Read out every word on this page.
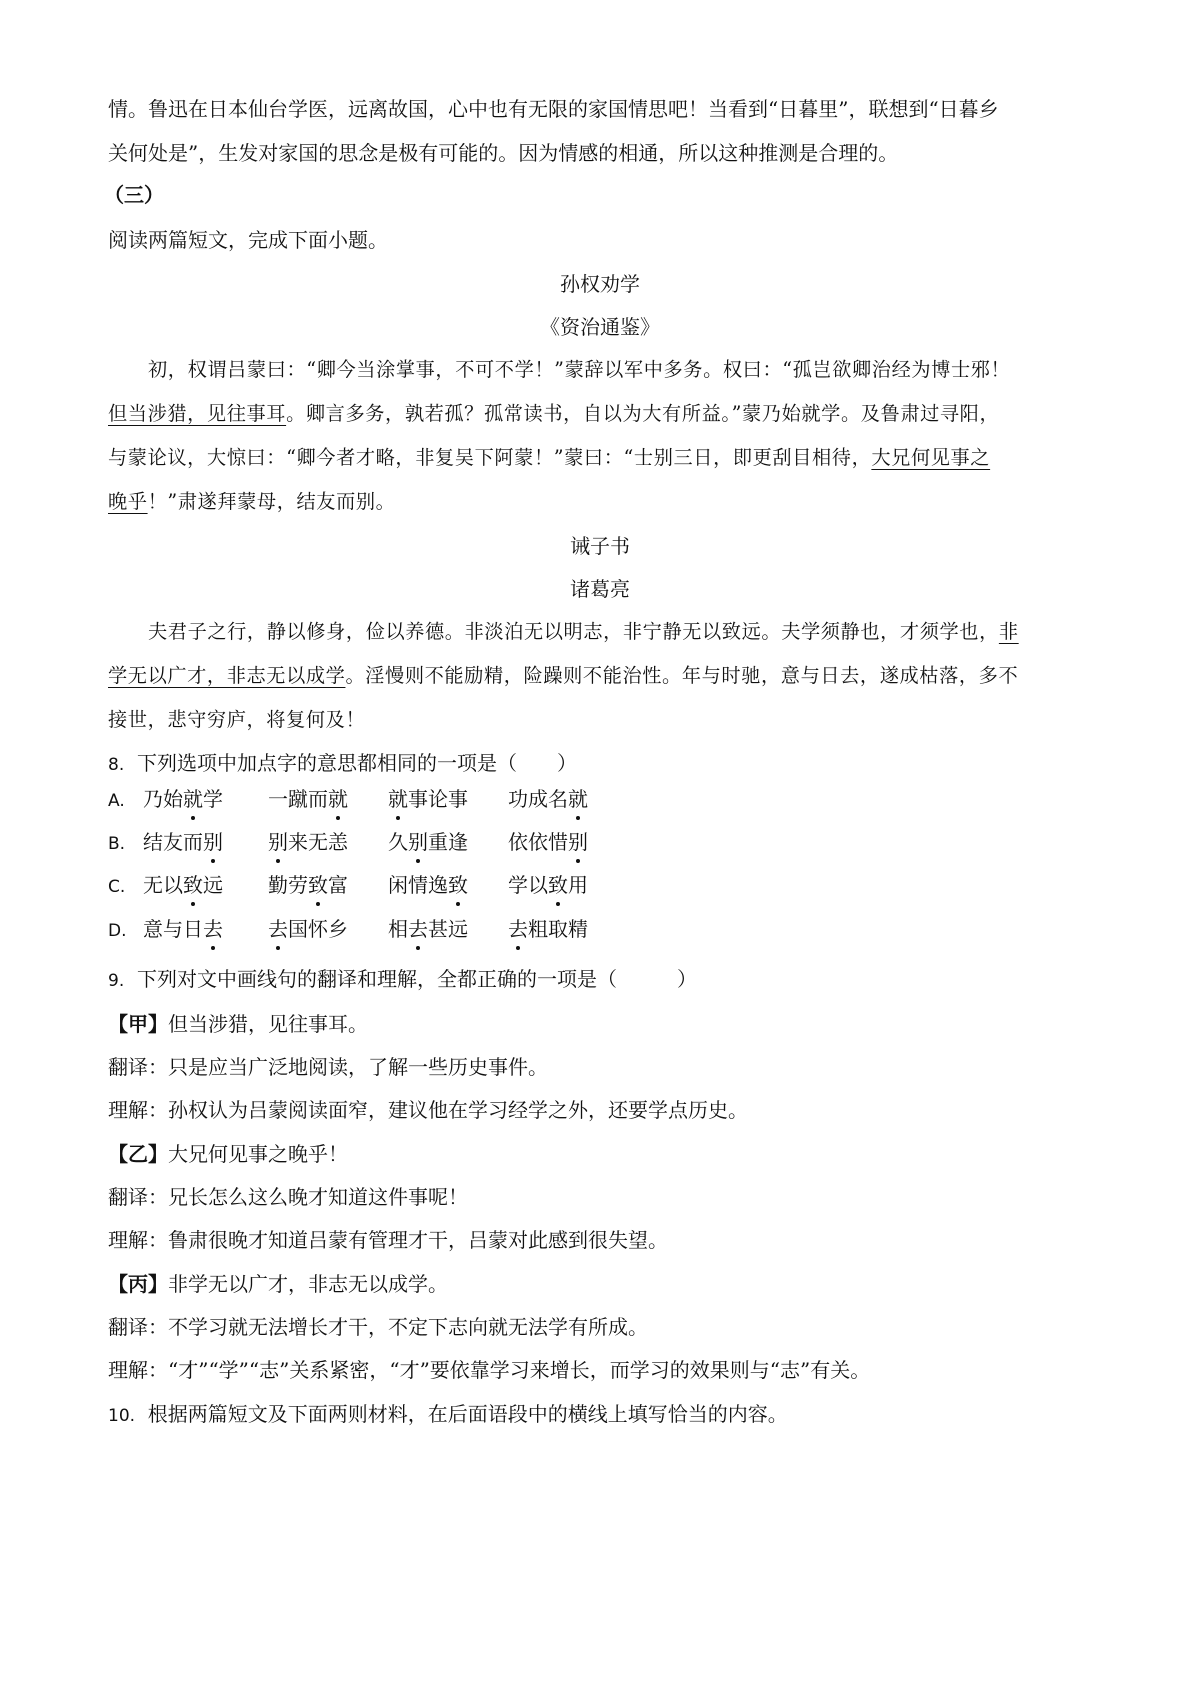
情。鲁迅在日本仙台学医，远离故国，心中也有无限的家国情思吧！当看到“日暮里”，联想到“日暮乡
关何处是”，生发对家国的思念是极有可能的。因为情感的相通，所以这种推测是合理的。
（三）
阅读两篇短文，完成下面小题。
孙权劝学
《资治通鉴》
初，权谓吕蒙曰：“卿今当涂掌事，不可不学！”蒙辞以军中多务。权曰：“孤岂欲卿治经为博士邪！
但当涉猎，见往事耳。卿言多务，孰若孤？孤常读书，自以为大有所益。”蒙乃始就学。及鲁肃过寻阳，
与蒙论议，大惊曰：“卿今者才略，非复吴下阿蒙！”蒙曰：“士别三日，即更刮目相待，大兄何见事之
晚乎！”肃遂拜蒙母，结友而别。
诫子书
诸葛亮
夫君子之行，静以修身，俭以养德。非淡泊无以明志，非宁静无以致远。夫学须静也，才须学也，非
学无以广才，非志无以成学。淫慢则不能励精，险躁则不能治性。年与时驰，意与日去，遂成枯落，多不
接世，悲守穷庐，将复何及！
8. 下列选项中加点字的意思都相同的一项是（　　）
A. 乃始就学 一蹴而就 就事论事 功成名就
B. 结友而别 别来无恙 久别重逢 依依惜别
C. 无以致远 勤劳致富 闲情逸致 学以致用
D. 意与日去 去国怀乡 相去甚远 去粗取精
9. 下列对文中画线句的翻译和理解，全都正确的一项是（　　　）
【甲】但当涉猎，见往事耳。
翻译：只是应当广泛地阅读，了解一些历史事件。
理解：孙权认为吕蒙阅读面窄，建议他在学习经学之外，还要学点历史。
【乙】大兄何见事之晚乎！
翻译：兄长怎么这么晚才知道这件事呢！
理解：鲁肃很晚才知道吕蒙有管理才干，吕蒙对此感到很失望。
【丙】非学无以广才，非志无以成学。
翻译：不学习就无法增长才干，不定下志向就无法学有所成。
理解：“才”“学”“志”关系紧密，“才”要依靠学习来增长，而学习的效果则与“志”有关。
10. 根据两篇短文及下面两则材料，在后面语段中的横线上填写恰当的内容。
